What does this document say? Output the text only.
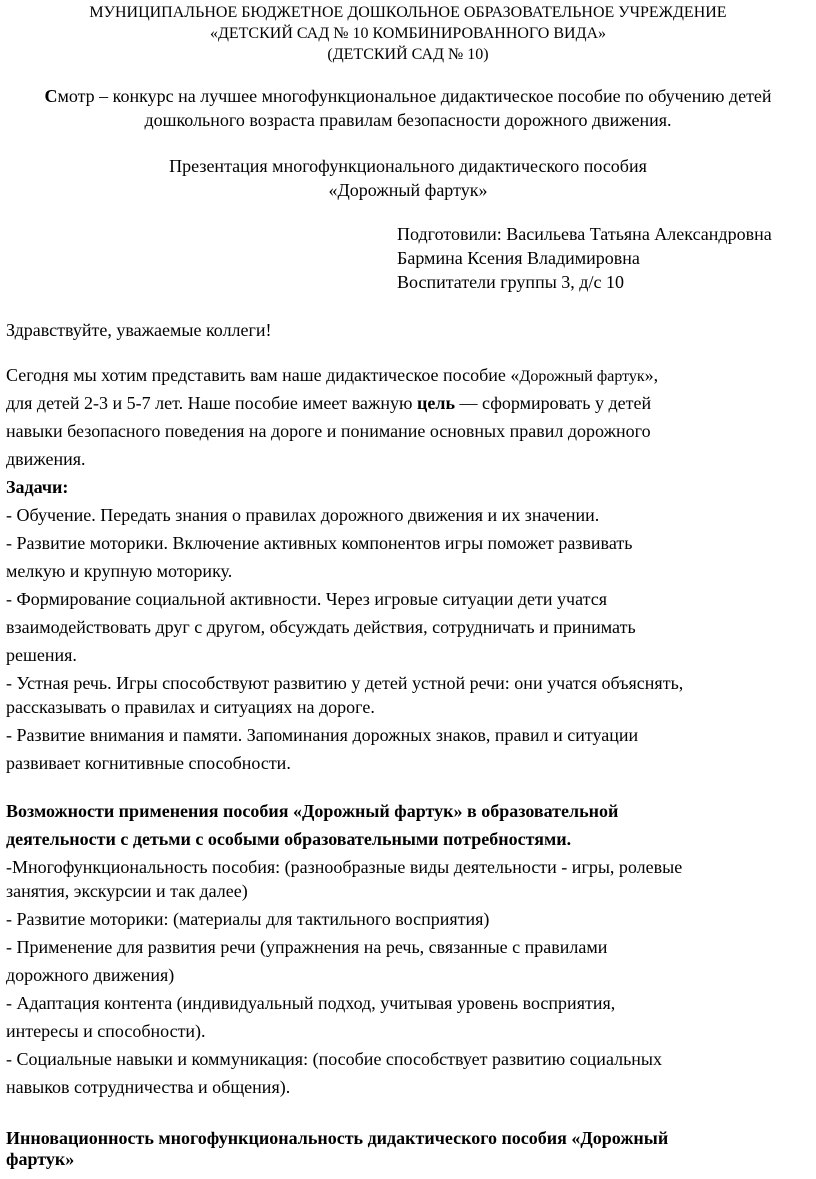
МУНИЦИПАЛЬНОЕ БЮДЖЕТНОЕ ДОШКОЛЬНОЕ ОБРАЗОВАТЕЛЬНОЕ УЧРЕЖДЕНИЕ
«ДЕТСКИЙ САД № 10 КОМБИНИРОВАННОГО ВИДА»
(ДЕТСКИЙ САД № 10)
Смотр – конкурс на лучшее многофункциональное дидактическое пособие по обучению детей
дошкольного возраста правилам безопасности дорожного движения.
Презентация многофункционального дидактического пособия
«Дорожный фартук»
Подготовили: Васильева Татьяна Александровна
Бармина Ксения Владимировна
Воспитатели группы 3, д/с 10
Здравствуйте, уважаемые коллеги!
Сегодня мы хотим представить вам наше дидактическое пособие «Дорожный фартук»,
для детей 2-3 и 5-7 лет. Наше пособие имеет важную цель — сформировать у детей
навыки безопасного поведения на дороге и понимание основных правил дорожного
движения.
Задачи:
- Обучение. Передать знания о правилах дорожного движения и их значении.
- Развитие моторики. Включение активных компонентов игры поможет развивать
мелкую и крупную моторику.
- Формирование социальной активности. Через игровые ситуации дети учатся
взаимодействовать друг с другом, обсуждать действия, сотрудничать и принимать
решения.
- Устная речь. Игры способствуют развитию у детей устной речи: они учатся объяснять,
рассказывать о правилах и ситуациях на дороге.
- Развитие внимания и памяти. Запоминания дорожных знаков, правил и ситуации
развивает когнитивные способности.
Возможности применения пособия «Дорожный фартук» в образовательной
деятельности с детьми с особыми образовательными потребностями.
-Многофункциональность пособия: (разнообразные виды деятельности - игры, ролевые
занятия, экскурсии и так далее)
- Развитие моторики: (материалы для тактильного восприятия)
- Применение для развития речи (упражнения на речь, связанные с правилами
дорожного движения)
- Адаптация контента (индивидуальный подход, учитывая уровень восприятия,
интересы и способности).
- Социальные навыки и коммуникация: (пособие способствует развитию социальных
навыков сотрудничества и общения).
Инновационность многофункциональность дидактического пособия «Дорожный
фартук»
